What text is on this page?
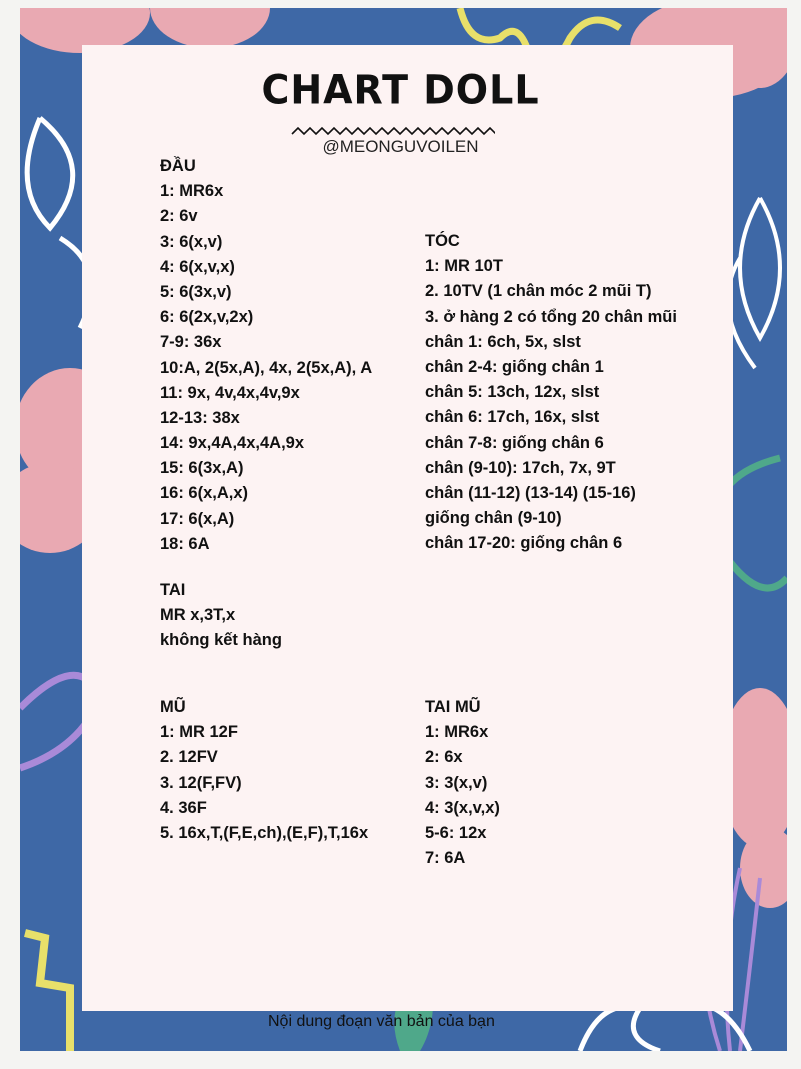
CHART DOLL
@MEONGUVOILEN
ĐẦU
1: MR6x
2: 6v
3: 6(x,v)
4: 6(x,v,x)
5: 6(3x,v)
6: 6(2x,v,2x)
7-9: 36x
10:A, 2(5x,A), 4x, 2(5x,A), A
11: 9x, 4v,4x,4v,9x
12-13: 38x
14: 9x,4A,4x,4A,9x
15: 6(3x,A)
16: 6(x,A,x)
17: 6(x,A)
18: 6A
TÓC
1: MR 10T
2. 10TV (1 chân móc 2 mũi T)
3. ở hàng 2 có tổng 20 chân mũi
chân 1: 6ch, 5x, slst
chân 2-4: giống chân 1
chân 5: 13ch, 12x, slst
chân 6: 17ch, 16x, slst
chân 7-8: giống chân 6
chân (9-10): 17ch, 7x, 9T
chân (11-12) (13-14) (15-16)
giống chân (9-10)
chân 17-20: giống chân 6
TAI
MR x,3T,x
không kết hàng
MŨ
1: MR 12F
2. 12FV
3. 12(F,FV)
4. 36F
5. 16x,T,(F,E,ch),(E,F),T,16x
TAI MŨ
1: MR6x
2: 6x
3: 3(x,v)
4: 3(x,v,x)
5-6: 12x
7: 6A
Nội dung đoạn văn bản của bạn
